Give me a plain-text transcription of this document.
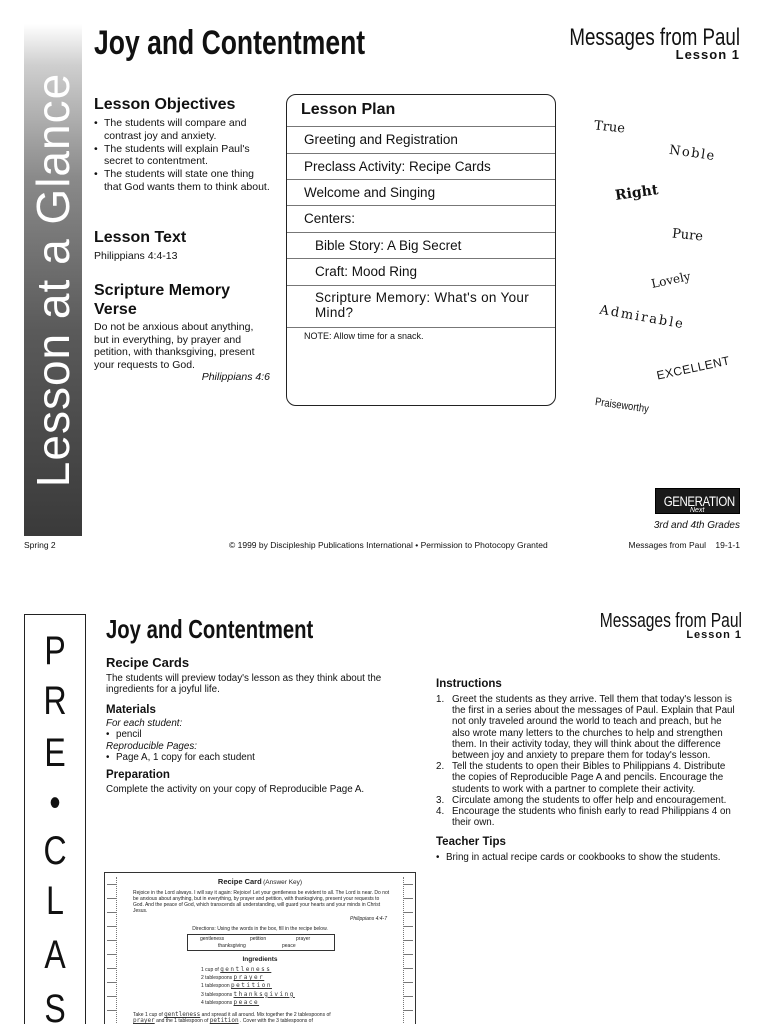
Lesson at a Glance
Joy and Contentment	Messages from Paul
Lesson 1
Lesson Objectives
• The students will compare and contrast joy and anxiety.
• The students will explain Paul's secret to contentment.
• The students will state one thing that God wants them to think about.
Lesson Text
Philippians 4:4-13
Scripture Memory
Verse
Do not be anxious about anything, but in everything, by prayer and petition, with thanksgiving, present your requests to God.
Philippians 4:6
Lesson Plan
Greeting and Registration
Preclass Activity: Recipe Cards
Welcome and Singing
Centers:
Bible Story: A Big Secret
Craft: Mood Ring
Scripture Memory: What's on Your Mind?
NOTE: Allow time for a snack.
True
Noble
Right
Pure
Lovely
Admirable
EXCELLENT
Praiseworthy
GENERATION
Next
3rd and 4th Grades
Spring 2	© 1999 by Discipleship Publications International • Permission to Photocopy Granted	Messages from Paul    19-1-1
P
R
E
•
C
L
A
S
Joy and Contentment	Messages from Paul
Lesson 1
Recipe Cards
The students will preview today's lesson as they think about the ingredients for a joyful life.
Materials
For each student:
• pencil
Reproducible Pages:
• Page A, 1 copy for each student
Preparation
Complete the activity on your copy of Reproducible Page A.
Instructions
1. Greet the students as they arrive. Tell them that today's lesson is the first in a series about the messages of Paul. Explain that Paul not only traveled around the world to teach and preach, but he also wrote many letters to the churches to help and strengthen them. In their activity today, they will think about the difference between joy and anxiety to prepare them for today's lesson.
2. Tell the students to open their Bibles to Philippians 4. Distribute the copies of Reproducible Page A and pencils. Encourage the students to work with a partner to complete their activity.
3. Circulate among the students to offer help and encouragement.
4. Encourage the students who finish early to read Philippians 4 on their own.
Teacher Tips
• Bring in actual recipe cards or cookbooks to show the students.
Recipe Card (Answer Key)
Rejoice in the Lord always. I will say it again: Rejoice! Let your gentleness be evident to all. The Lord is near. Do not be anxious about anything, but in everything, by prayer and petition, with thanksgiving, present your requests to God. And the peace of God, which transcends all understanding, will guard your hearts and your minds in Christ Jesus.
Philippians 4:4-7
Directions: Using the words in the box, fill in the recipe below.
gentleness	petition	prayer
thanksgiving	peace
Ingredients
1 cup of gentleness
2 tablespoons prayer
1 tablespoon petition
3 tablespoons thanksgiving
4 tablespoons peace
Take 1 cup of gentleness and spread it all around. Mix together the 2 tablespoons of
prayer and the 1 tablespoon of petition . Cover with the 3 tablespoons of
